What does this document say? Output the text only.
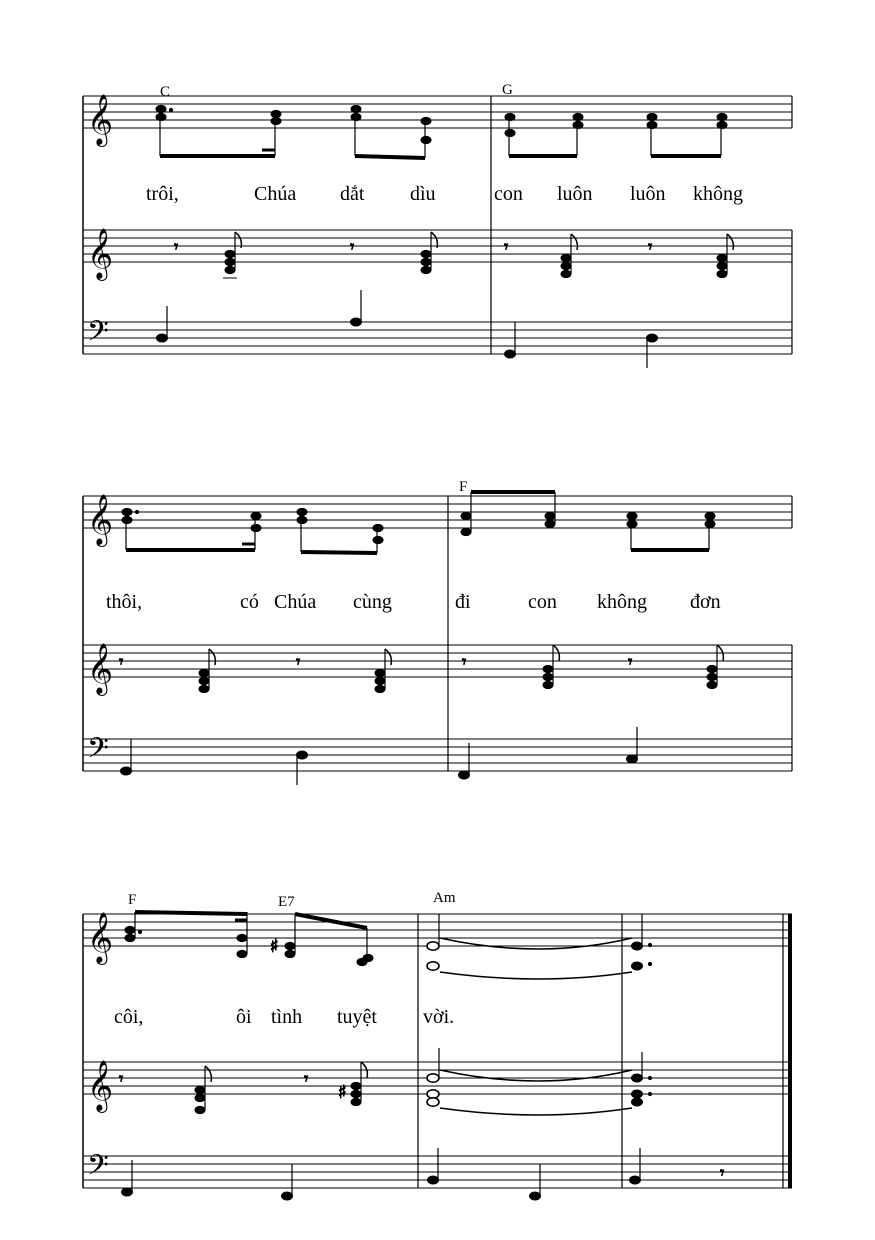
𝄞
C	G
trôi,	Chúa dắt dìu	con luôn luôn không
𝄞	𝄾	𝄾	𝄾	𝄾
𝄢
𝄞
F
thôi,	có Chúa cùng	đi	con không đơn
𝄞 𝄾	𝄾	𝄾	𝄾
𝄢
𝄞
F	E7	Am
♯
côi,	ôi tình tuyệt vời.
𝄞 𝄾	𝄾
♯
𝄢	𝄾
